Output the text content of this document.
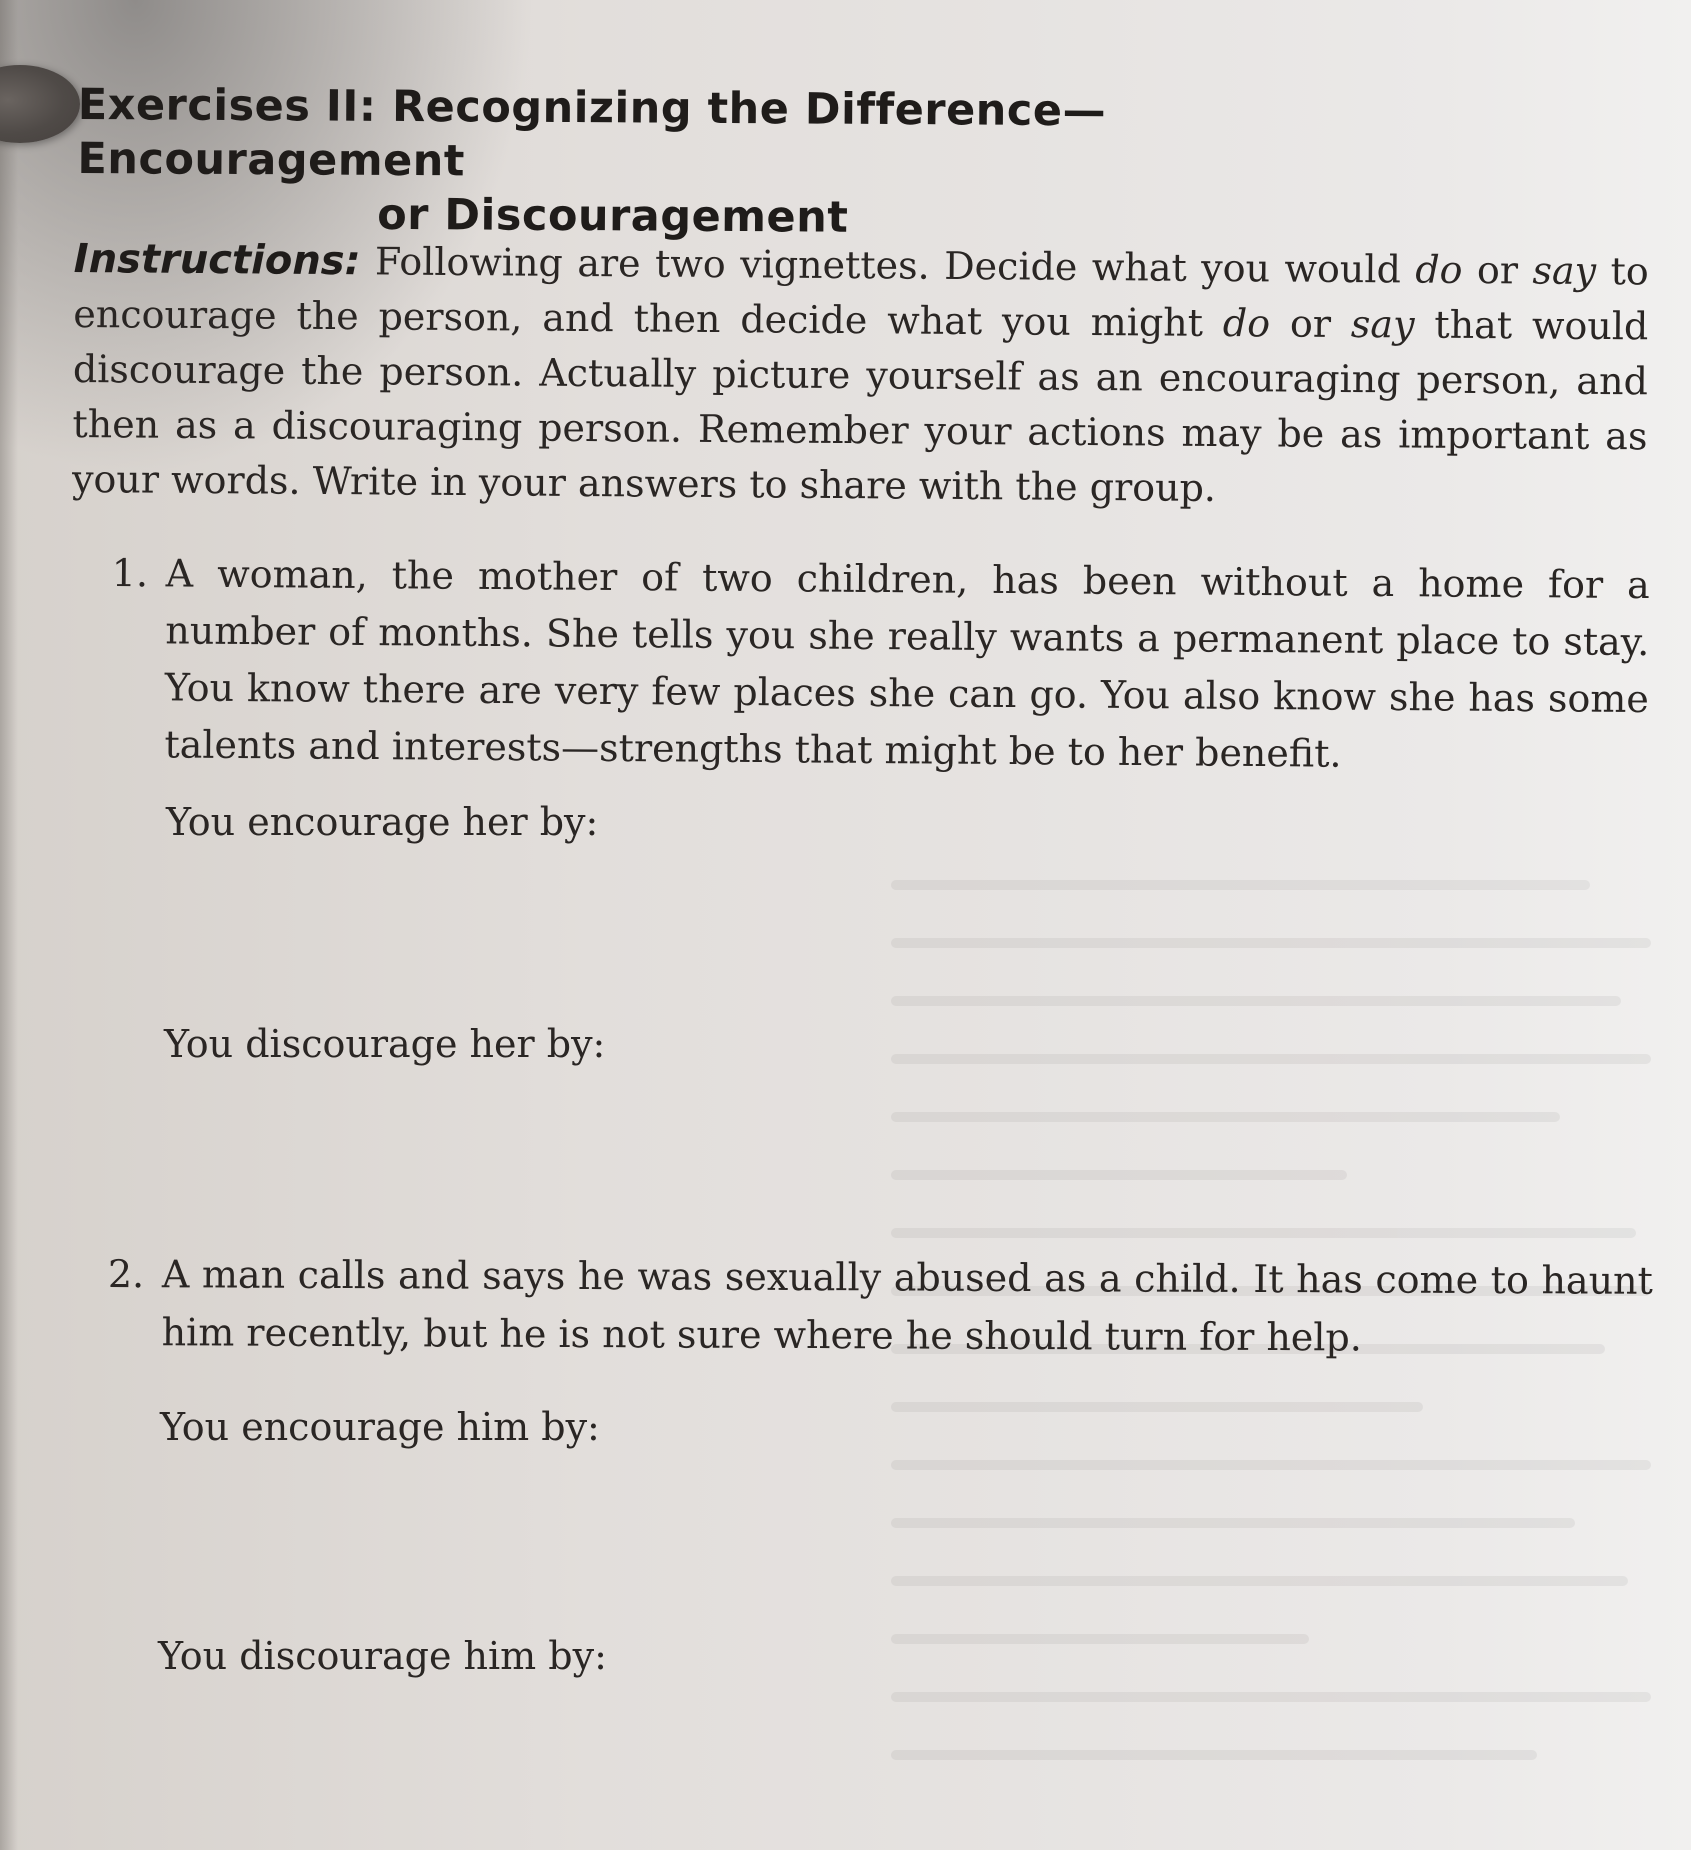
Exercises II: Recognizing the Difference—Encouragement
or Discouragement
Instructions: Following are two vignettes. Decide what you would do or say to encourage the person, and then decide what you might do or say that would discourage the person. Actually picture yourself as an encouraging person, and then as a discouraging person. Remember your actions may be as important as your words. Write in your answers to share with the group.
1. A woman, the mother of two children, has been without a home for a number of months. She tells you she really wants a permanent place to stay. You know there are very few places she can go. You also know she has some talents and interests—strengths that might be to her benefit.
You encourage her by:
You discourage her by:
2. A man calls and says he was sexually abused as a child. It has come to haunt him recently, but he is not sure where he should turn for help.
You encourage him by:
You discourage him by:
